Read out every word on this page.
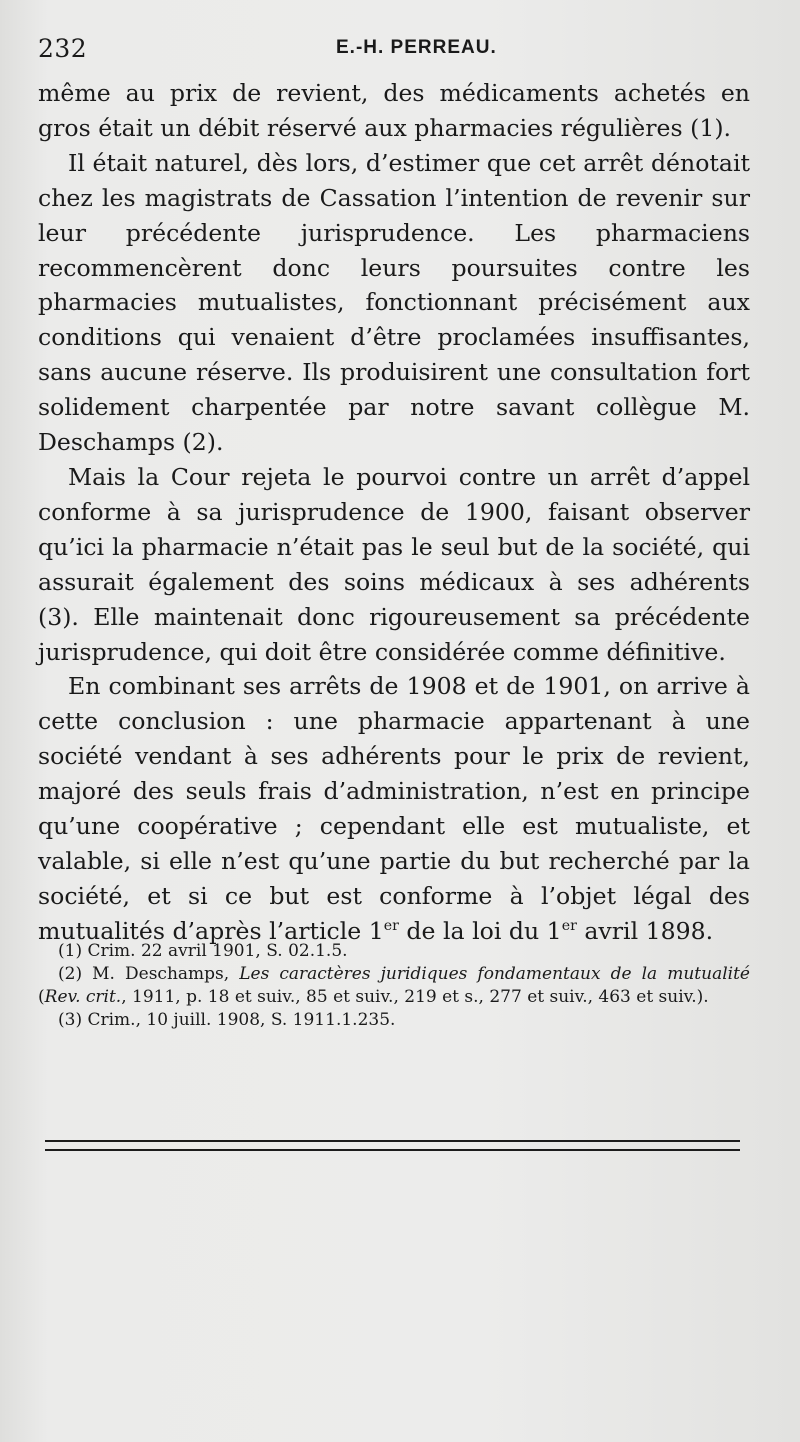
232	E.-H. PERREAU.

même au prix de revient, des médicaments achetés en gros était un débit réservé aux pharmacies régulières (1).

Il était naturel, dès lors, d’estimer que cet arrêt dénotait chez les magistrats de Cassation l’intention de revenir sur leur précédente jurisprudence. Les pharmaciens recommencèrent donc leurs poursuites contre les pharmacies mutualistes, fonctionnant précisément aux conditions qui venaient d’être proclamées insuffisantes, sans aucune réserve. Ils produisirent une consultation fort solidement charpentée par notre savant collègue M. Deschamps (2).

Mais la Cour rejeta le pourvoi contre un arrêt d’appel conforme à sa jurisprudence de 1900, faisant observer qu’ici la pharmacie n’était pas le seul but de la société, qui assurait également des soins médicaux à ses adhérents (3). Elle maintenait donc rigoureusement sa précédente jurisprudence, qui doit être considérée comme définitive.

En combinant ses arrêts de 1908 et de 1901, on arrive à cette conclusion : une pharmacie appartenant à une société vendant à ses adhérents pour le prix de revient, majoré des seuls frais d’administration, n’est en principe qu’une coopérative ; cependant elle est mutualiste, et valable, si elle n’est qu’une partie du but recherché par la société, et si ce but est conforme à l’objet légal des mutualités d’après l’article 1er de la loi du 1er avril 1898.

(1) Crim. 22 avril 1901, S. 02.1.5.

(2) M. Deschamps, Les caractères juridiques fondamentaux de la mutualité (Rev. crit., 1911, p. 18 et suiv., 85 et suiv., 219 et s., 277 et suiv., 463 et suiv.).

(3) Crim., 10 juill. 1908, S. 1911.1.235.
